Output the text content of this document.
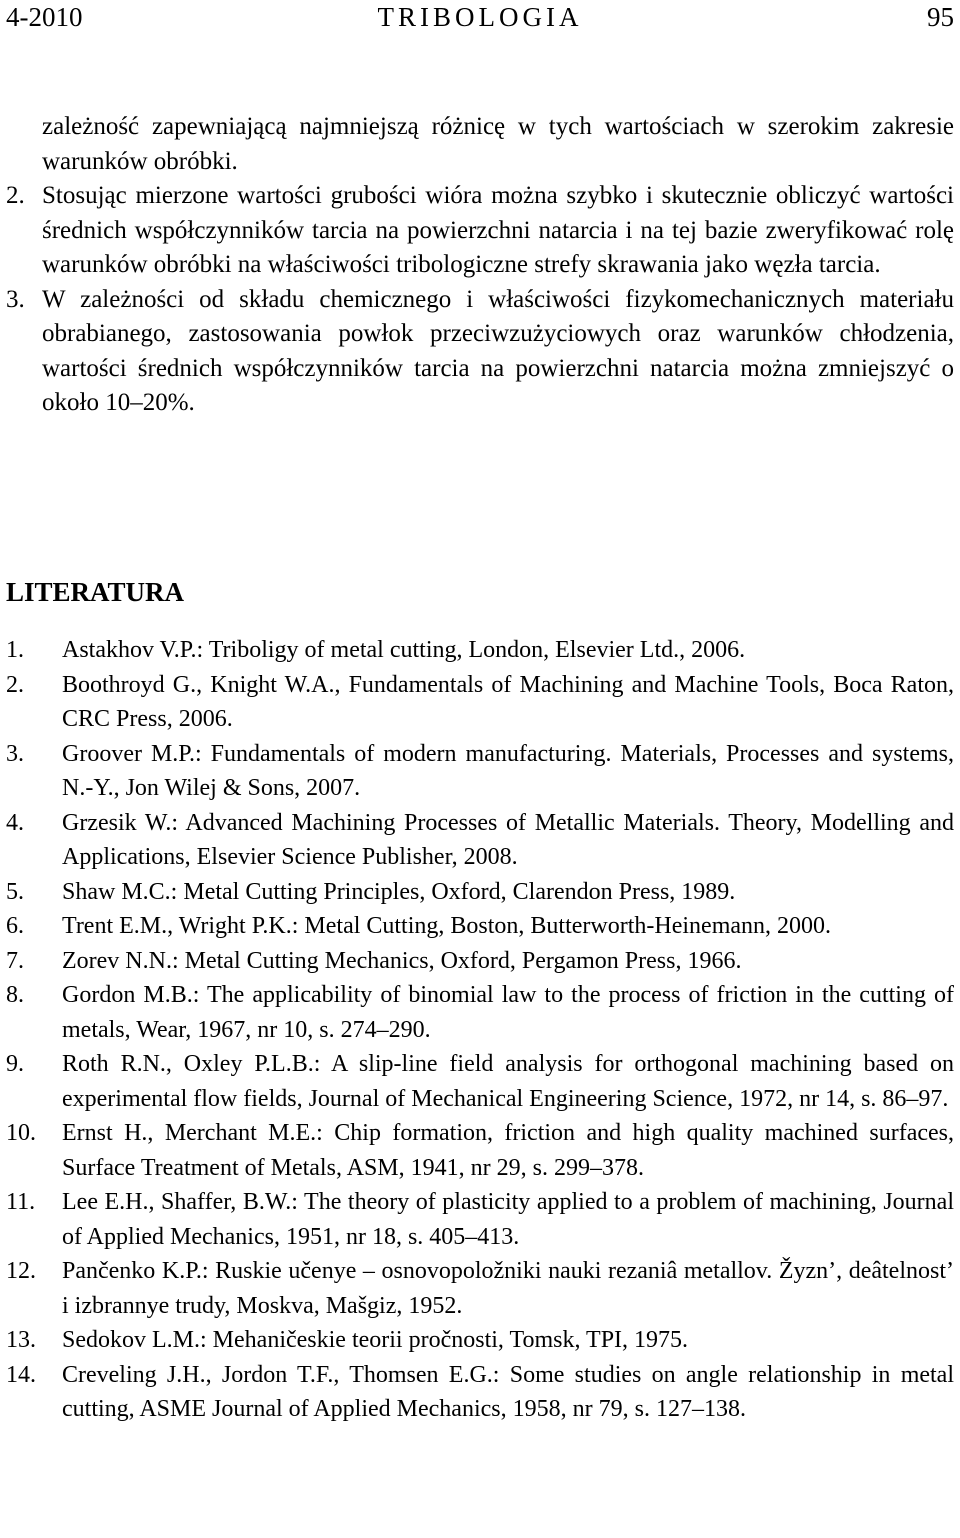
4-2010	TRIBOLOGIA	95
zależność zapewniającą najmniejszą różnicę w tych wartościach w szerokim zakresie warunków obróbki.
2. Stosując mierzone wartości grubości wióra można szybko i skutecznie obliczyć wartości średnich współczynników tarcia na powierzchni natarcia i na tej bazie zweryfikować rolę warunków obróbki na właściwości tribologiczne strefy skrawania jako węzła tarcia.
3. W zależności od składu chemicznego i właściwości fizykomechanicznych materiału obrabianego, zastosowania powłok przeciwzużyciowych oraz warunków chłodzenia, wartości średnich współczynników tarcia na powierzchni natarcia można zmniejszyć o około 10–20%.
LITERATURA
1. Astakhov V.P.: Triboligy of metal cutting, London, Elsevier Ltd., 2006.
2. Boothroyd G., Knight W.A., Fundamentals of Machining and Machine Tools, Boca Raton, CRC Press, 2006.
3. Groover M.P.: Fundamentals of modern manufacturing. Materials, Processes and systems, N.-Y., Jon Wilej & Sons, 2007.
4. Grzesik W.: Advanced Machining Processes of Metallic Materials. Theory, Modelling and Applications, Elsevier Science Publisher, 2008.
5. Shaw M.C.: Metal Cutting Principles, Oxford, Clarendon Press, 1989.
6. Trent E.M., Wright P.K.: Metal Cutting, Boston, Butterworth-Heinemann, 2000.
7. Zorev N.N.: Metal Cutting Mechanics, Oxford, Pergamon Press, 1966.
8. Gordon M.B.: The applicability of binomial law to the process of friction in the cutting of metals, Wear, 1967, nr 10, s. 274–290.
9. Roth R.N., Oxley P.L.B.: A slip-line field analysis for orthogonal machining based on experimental flow fields, Journal of Mechanical Engineering Science, 1972, nr 14, s. 86–97.
10. Ernst H., Merchant M.E.: Chip formation, friction and high quality machined surfaces, Surface Treatment of Metals, ASM, 1941, nr 29, s. 299–378.
11. Lee E.H., Shaffer, B.W.: The theory of plasticity applied to a problem of machining, Journal of Applied Mechanics, 1951, nr 18, s. 405–413.
12. Pančenko K.P.: Ruskie učenye – osnovopoložniki nauki rezaniâ metallov. Žyzn’, deâtelnost’ i izbrannye trudy, Moskva, Mašgiz, 1952.
13. Sedokov L.M.: Mehaničeskie teorii pročnosti, Tomsk, TPI, 1975.
14. Creveling J.H., Jordon T.F., Thomsen E.G.: Some studies on angle relationship in metal cutting, ASME Journal of Applied Mechanics, 1958, nr 79, s. 127–138.
